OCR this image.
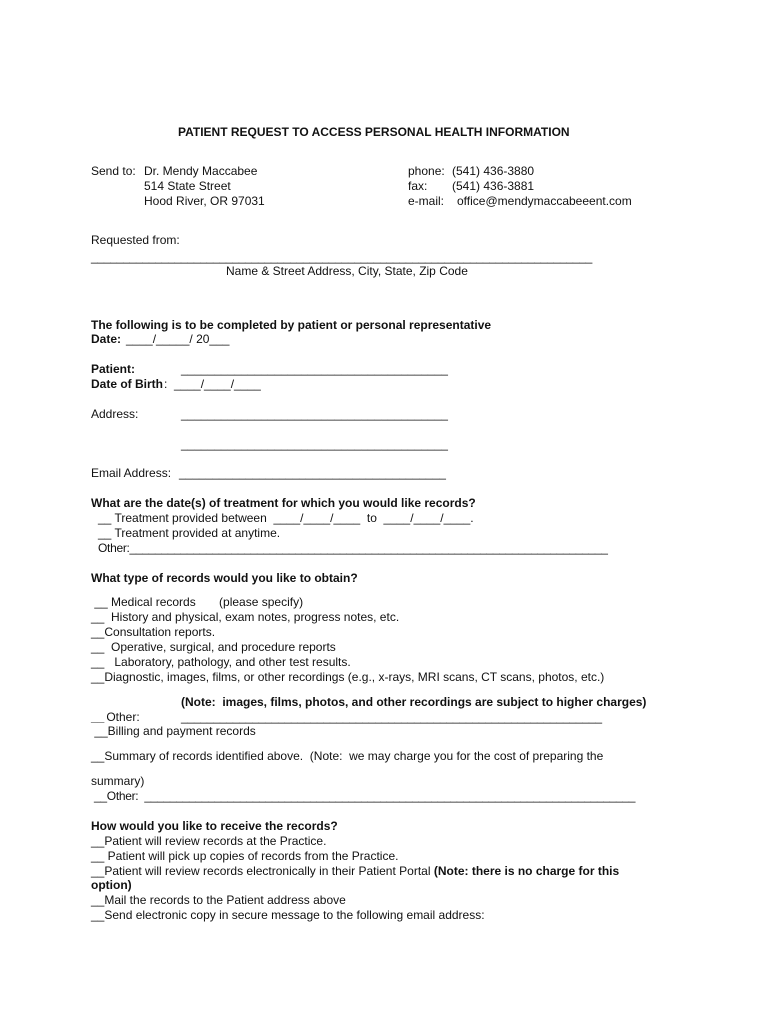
PATIENT REQUEST TO ACCESS PERSONAL HEALTH INFORMATION
Send to: Dr. Mendy Maccabee
514 State Street
Hood River, OR 97031
phone: (541) 436-3880
fax: (541) 436-3881
e-mail: office@mendymaccabeeent.com
Requested from:
______________________________________________________________________________
Name & Street Address, City, State, Zip Code
The following is to be completed by patient or personal representative
Date: ____/_____/ 20___
Patient:	________________________________________
Date of Birth :  ____/____/____
Address:	________________________________________
________________________________________
Email Address: ________________________________________
What are the date(s) of treatment for which you would like records?
__ Treatment provided between  ____/____/____  to  ____/____/____.
__ Treatment provided at anytime.
Other:___________________________________________________________________________
What type of records would you like to obtain?
__ Medical records       (please specify)
__  History and physical, exam notes, progress notes, etc.
__Consultation reports.
__  Operative, surgical, and procedure reports
__   Laboratory, pathology, and other test results.
__Diagnostic, images, films, or other recordings (e.g., x-rays, MRI scans, CT scans, photos, etc.)
(Note:  images, films, photos, and other recordings are subject to higher charges)
__
Other:	_________________________________________________________________
__Billing and payment records
__Summary of records identified above.  (Note:  we may charge you for the cost of preparing the
summary)
__Other:  _____________________________________________________________________________
How would you like to receive the records?
__Patient will review records at the Practice.
__ Patient will pick up copies of records from the Practice.
__Patient will review records electronically in their Patient Portal (Note: there is no charge for this
option)
__Mail the records to the Patient address above
__Send electronic copy in secure message to the following email address:
